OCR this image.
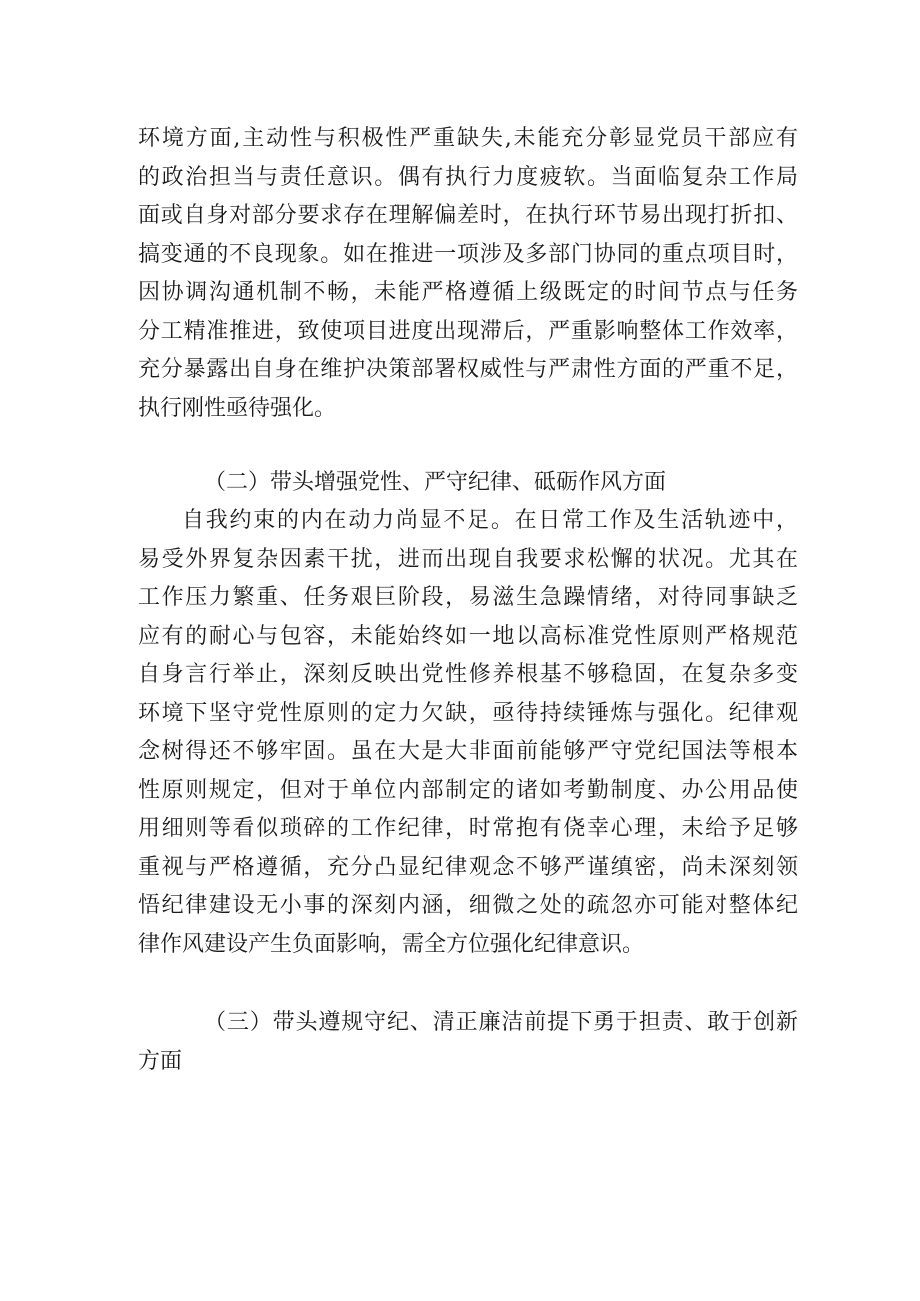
环境方面,主动性与积极性严重缺失,未能充分彰显党员干部应有
的政治担当与责任意识。偶有执行力度疲软。当面临复杂工作局
面或自身对部分要求存在理解偏差时，在执行环节易出现打折扣、
搞变通的不良现象。如在推进一项涉及多部门协同的重点项目时，
因协调沟通机制不畅，未能严格遵循上级既定的时间节点与任务
分工精准推进，致使项目进度出现滞后，严重影响整体工作效率，
充分暴露出自身在维护决策部署权威性与严肃性方面的严重不足，
执行刚性亟待强化。
（二）带头增强党性、严守纪律、砥砺作风方面
自我约束的内在动力尚显不足。在日常工作及生活轨迹中，
易受外界复杂因素干扰，进而出现自我要求松懈的状况。尤其在
工作压力繁重、任务艰巨阶段，易滋生急躁情绪，对待同事缺乏
应有的耐心与包容，未能始终如一地以高标准党性原则严格规范
自身言行举止，深刻反映出党性修养根基不够稳固，在复杂多变
环境下坚守党性原则的定力欠缺，亟待持续锤炼与强化。纪律观
念树得还不够牢固。虽在大是大非面前能够严守党纪国法等根本
性原则规定，但对于单位内部制定的诸如考勤制度、办公用品使
用细则等看似琐碎的工作纪律，时常抱有侥幸心理，未给予足够
重视与严格遵循，充分凸显纪律观念不够严谨缜密，尚未深刻领
悟纪律建设无小事的深刻内涵，细微之处的疏忽亦可能对整体纪
律作风建设产生负面影响，需全方位强化纪律意识。
（三）带头遵规守纪、清正廉洁前提下勇于担责、敢于创新
方面
